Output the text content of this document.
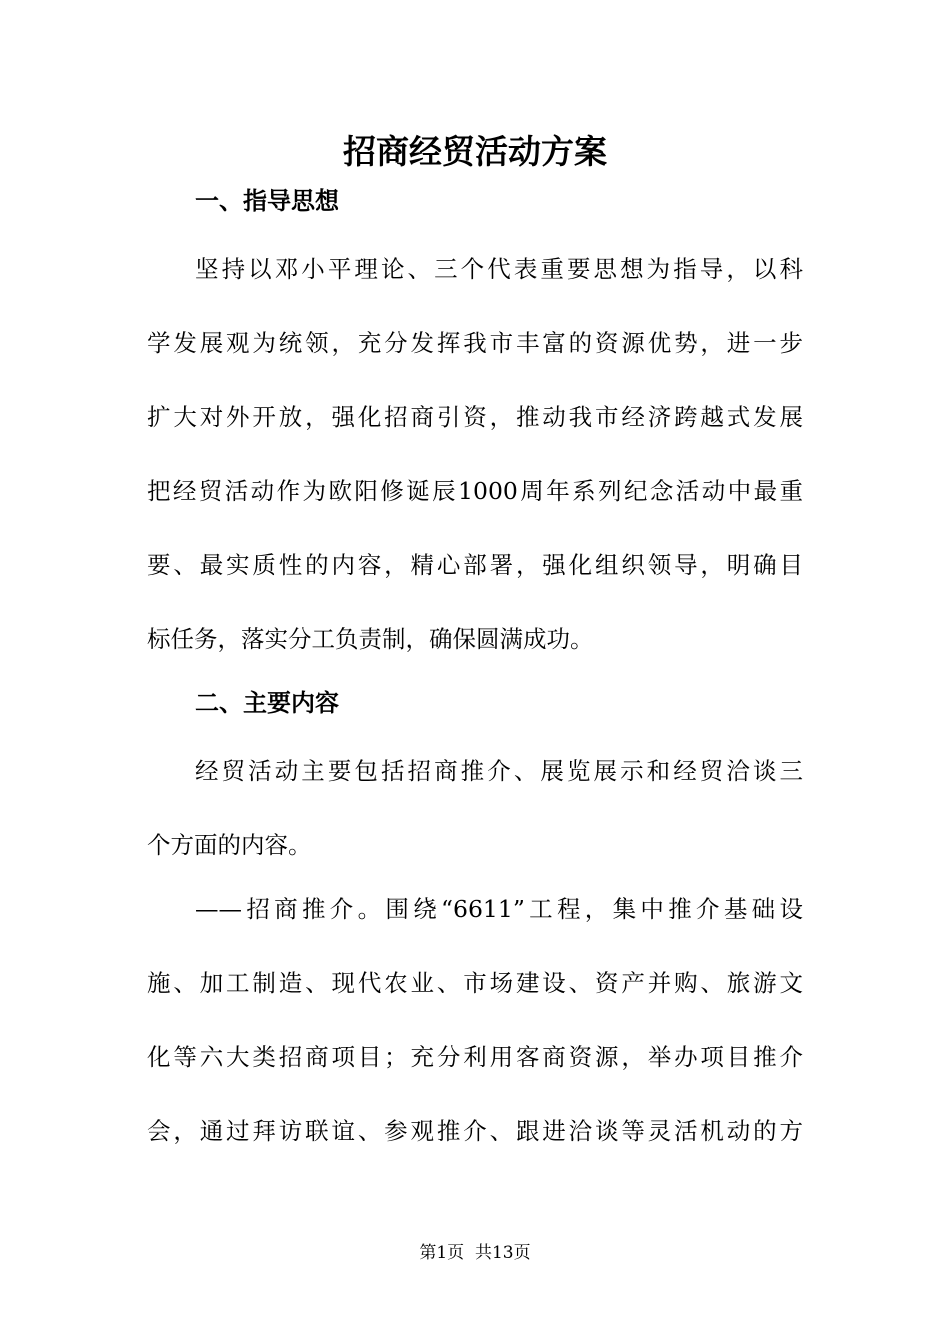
招商经贸活动方案
一、指导思想
坚持以邓小平理论、三个代表重要思想为指导，以科
学发展观为统领，充分发挥我市丰富的资源优势，进一步
扩大对外开放，强化招商引资，推动我市经济跨越式发展
把经贸活动作为欧阳修诞辰1000周年系列纪念活动中最重
要、最实质性的内容，精心部署，强化组织领导，明确目
标任务，落实分工负责制，确保圆满成功。
二、主要内容
经贸活动主要包括招商推介、展览展示和经贸洽谈三
个方面的内容。
——招商推介。围绕“6611”工程，集中推介基础设
施、加工制造、现代农业、市场建设、资产并购、旅游文
化等六大类招商项目；充分利用客商资源，举办项目推介
会，通过拜访联谊、参观推介、跟进洽谈等灵活机动的方
第1页  共13页
